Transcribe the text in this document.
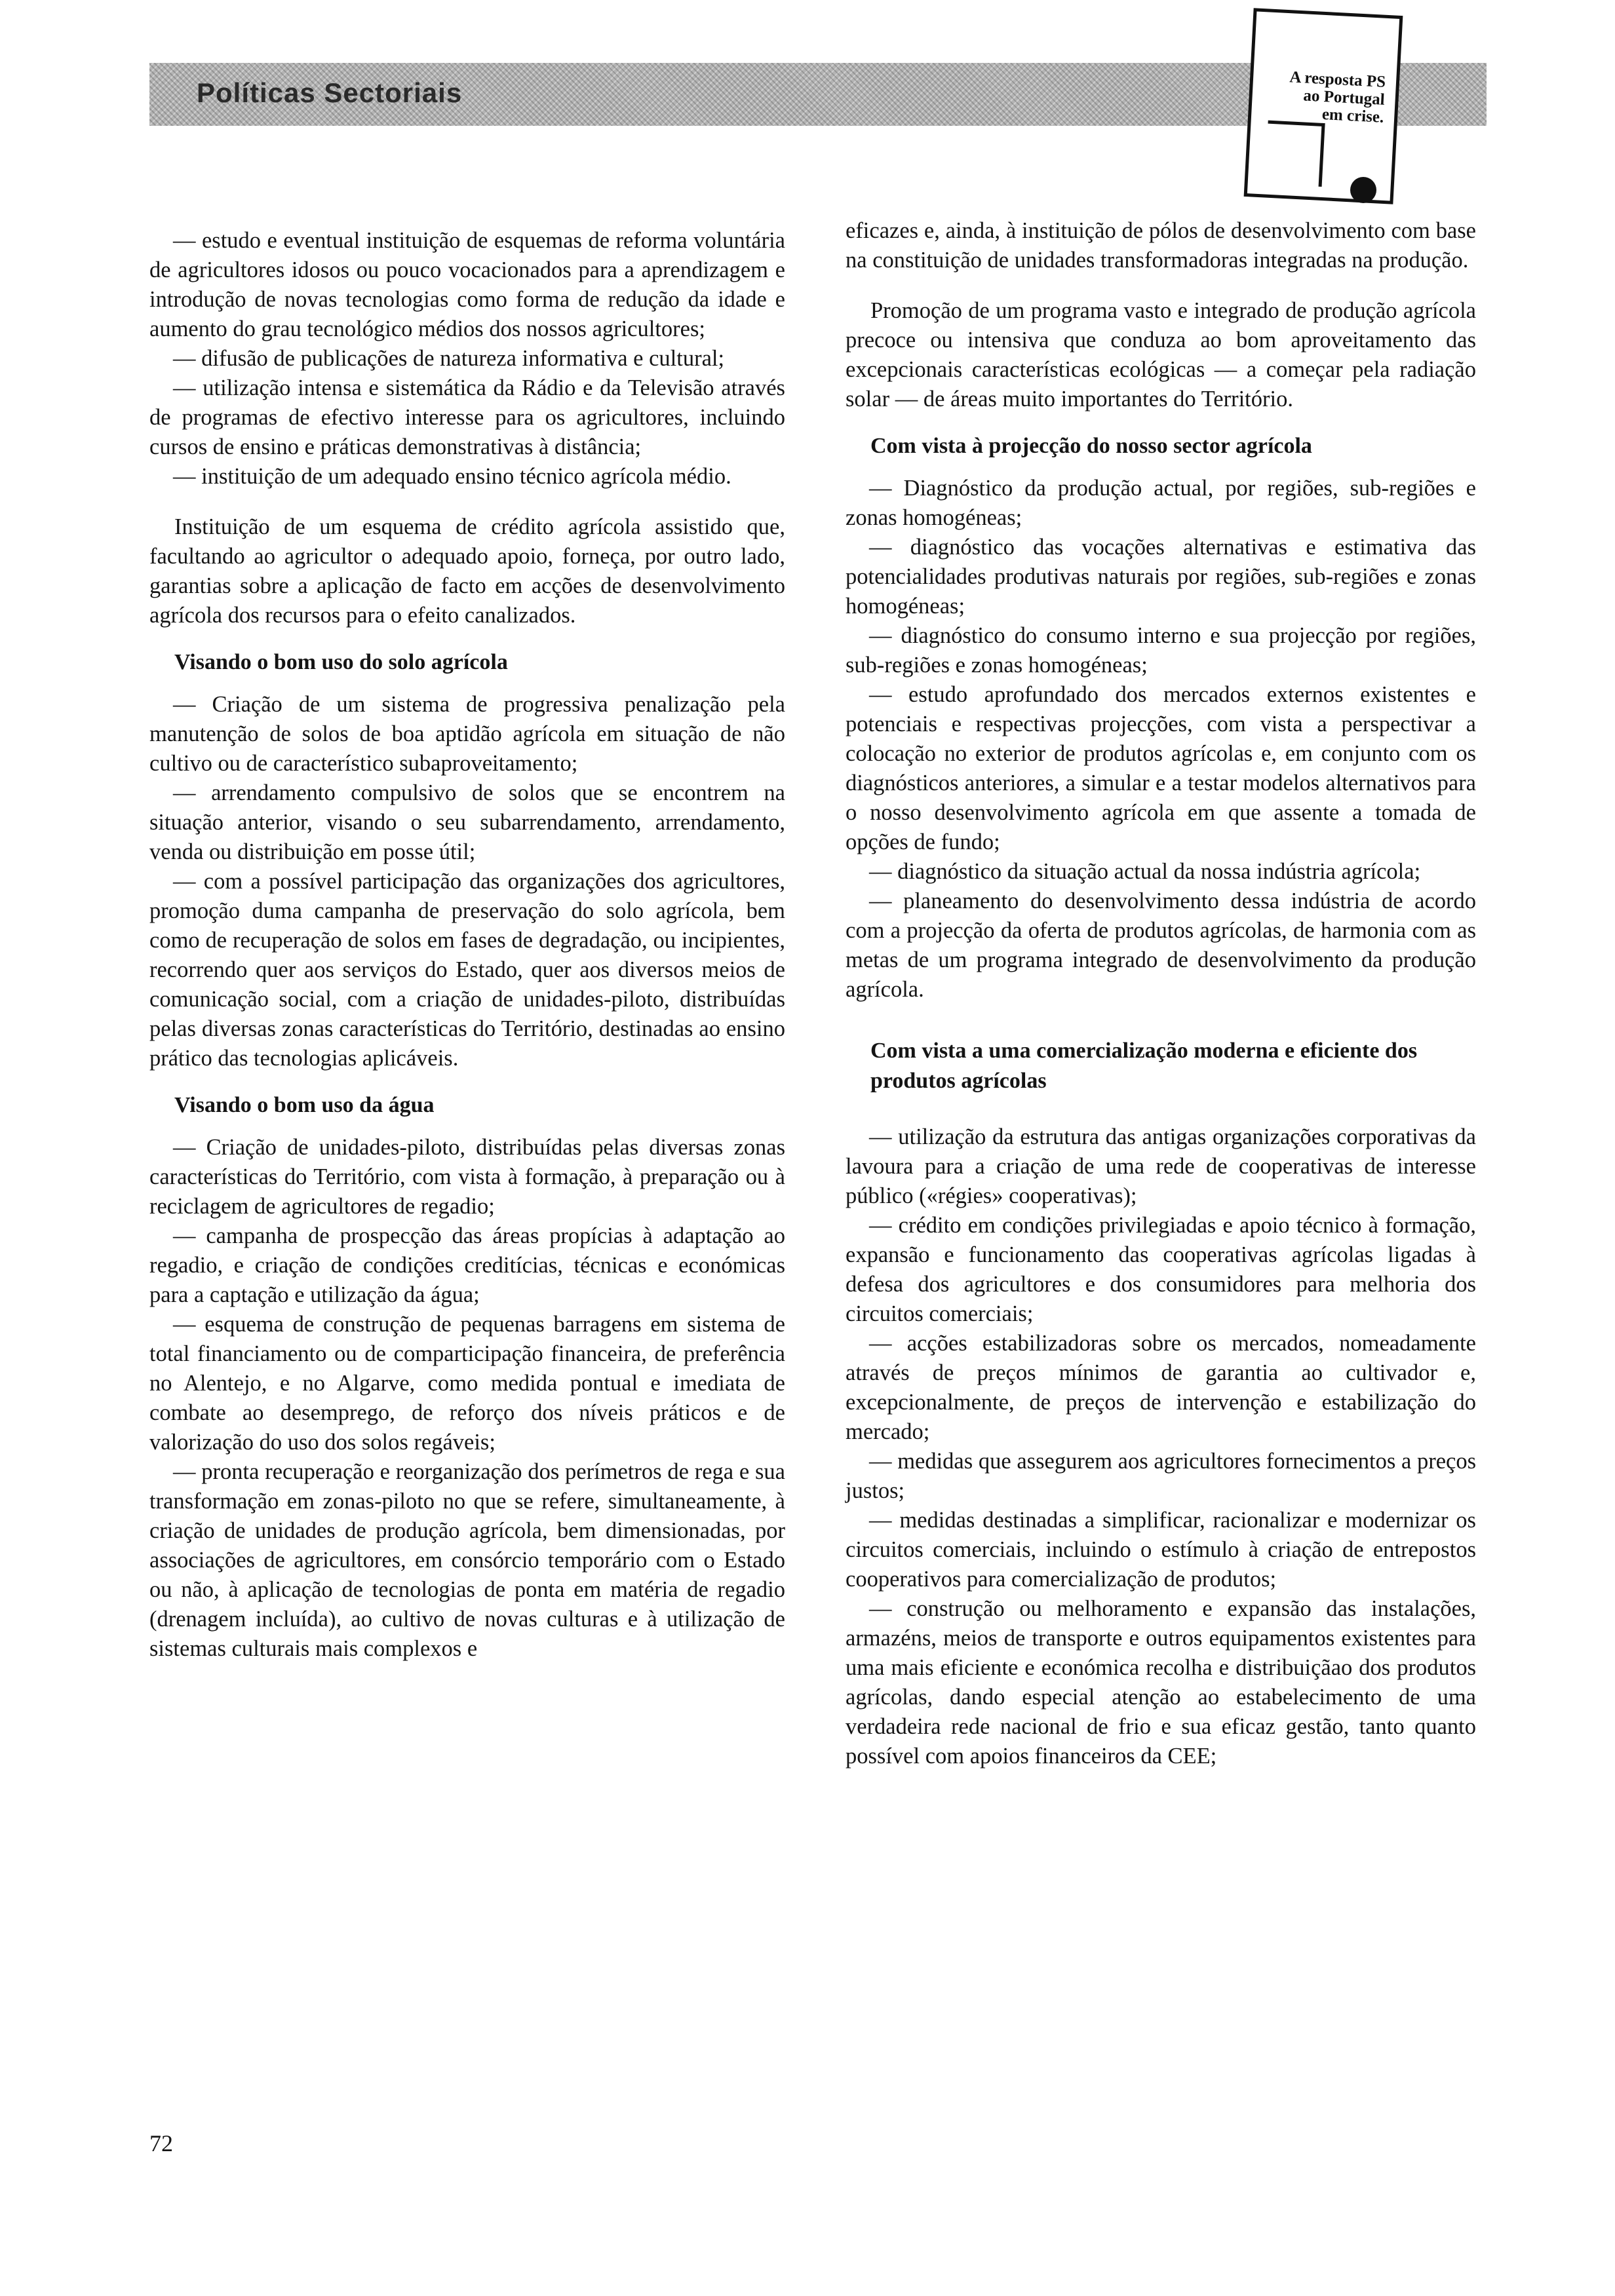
Políticas Sectoriais	A resposta PS
ao Portugal
em crise.

— estudo e eventual instituição de esquemas de reforma voluntária de agricultores idosos ou pouco vocacionados para a aprendizagem e introdução de novas tecnologias como forma de redução da idade e aumento do grau tecnológico médios dos nossos agricultores;

— difusão de publicações de natureza informativa e cultural;

— utilização intensa e sistemática da Rádio e da Televisão através de programas de efectivo interesse para os agricultores, incluindo cursos de ensino e práticas demonstrativas à distância;

— instituição de um adequado ensino técnico agrícola médio.

Instituição de um esquema de crédito agrícola assistido que, facultando ao agricultor o adequado apoio, forneça, por outro lado, garantias sobre a aplicação de facto em acções de desenvolvimento agrícola dos recursos para o efeito canalizados.

Visando o bom uso do solo agrícola

— Criação de um sistema de progressiva penalização pela manutenção de solos de boa aptidão agrícola em situação de não cultivo ou de característico subaproveitamento;

— arrendamento compulsivo de solos que se encontrem na situação anterior, visando o seu subarrendamento, arrendamento, venda ou distribuição em posse útil;

— com a possível participação das organizações dos agricultores, promoção duma campanha de preservação do solo agrícola, bem como de recuperação de solos em fases de degradação, ou incipientes, recorrendo quer aos serviços do Estado, quer aos diversos meios de comunicação social, com a criação de unidades-piloto, distribuídas pelas diversas zonas características do Território, destinadas ao ensino prático das tecnologias aplicáveis.

Visando o bom uso da água

— Criação de unidades-piloto, distribuídas pelas diversas zonas características do Território, com vista à formação, à preparação ou à reciclagem de agricultores de regadio;

— campanha de prospecção das áreas propícias à adaptação ao regadio, e criação de condições creditícias, técnicas e económicas para a captação e utilização da água;

— esquema de construção de pequenas barragens em sistema de total financiamento ou de comparticipação financeira, de preferência no Alentejo, e no Algarve, como medida pontual e imediata de combate ao desemprego, de reforço dos níveis práticos e de valorização do uso dos solos regáveis;

— pronta recuperação e reorganização dos perímetros de rega e sua transformação em zonas-piloto no que se refere, simultaneamente, à criação de unidades de produção agrícola, bem dimensionadas, por associações de agricultores, em consórcio temporário com o Estado ou não, à aplicação de tecnologias de ponta em matéria de regadio (drenagem incluída), ao cultivo de novas culturas e à utilização de sistemas culturais mais complexos e

eficazes e, ainda, à instituição de pólos de desenvolvimento com base na constituição de unidades transformadoras integradas na produção.

Promoção de um programa vasto e integrado de produção agrícola precoce ou intensiva que conduza ao bom aproveitamento das excepcionais características ecológicas — a começar pela radiação solar — de áreas muito importantes do Território.

Com vista à projecção do nosso sector agrícola

— Diagnóstico da produção actual, por regiões, sub-regiões e zonas homogéneas;

— diagnóstico das vocações alternativas e estimativa das potencialidades produtivas naturais por regiões, sub-regiões e zonas homogéneas;

— diagnóstico do consumo interno e sua projecção por regiões, sub-regiões e zonas homogéneas;

— estudo aprofundado dos mercados externos existentes e potenciais e respectivas projecções, com vista a perspectivar a colocação no exterior de produtos agrícolas e, em conjunto com os diagnósticos anteriores, a simular e a testar modelos alternativos para o nosso desenvolvimento agrícola em que assente a tomada de opções de fundo;

— diagnóstico da situação actual da nossa indústria agrícola;

— planeamento do desenvolvimento dessa indústria de acordo com a projecção da oferta de produtos agrícolas, de harmonia com as metas de um programa integrado de desenvolvimento da produção agrícola.

Com vista a uma comercialização moderna e eficiente dos produtos agrícolas

— utilização da estrutura das antigas organizações corporativas da lavoura para a criação de uma rede de cooperativas de interesse público («régies» cooperativas);

— crédito em condições privilegiadas e apoio técnico à formação, expansão e funcionamento das cooperativas agrícolas ligadas à defesa dos agricultores e dos consumidores para melhoria dos circuitos comerciais;

— acções estabilizadoras sobre os mercados, nomeadamente através de preços mínimos de garantia ao cultivador e, excepcionalmente, de preços de intervenção e estabilização do mercado;

— medidas que assegurem aos agricultores fornecimentos a preços justos;

— medidas destinadas a simplificar, racionalizar e modernizar os circuitos comerciais, incluindo o estímulo à criação de entrepostos cooperativos para comercialização de produtos;

— construção ou melhoramento e expansão das instalações, armazéns, meios de transporte e outros equipamentos existentes para uma mais eficiente e económica recolha e distribuiçãao dos produtos agrícolas, dando especial atenção ao estabelecimento de uma verdadeira rede nacional de frio e sua eficaz gestão, tanto quanto possível com apoios financeiros da CEE;

72
